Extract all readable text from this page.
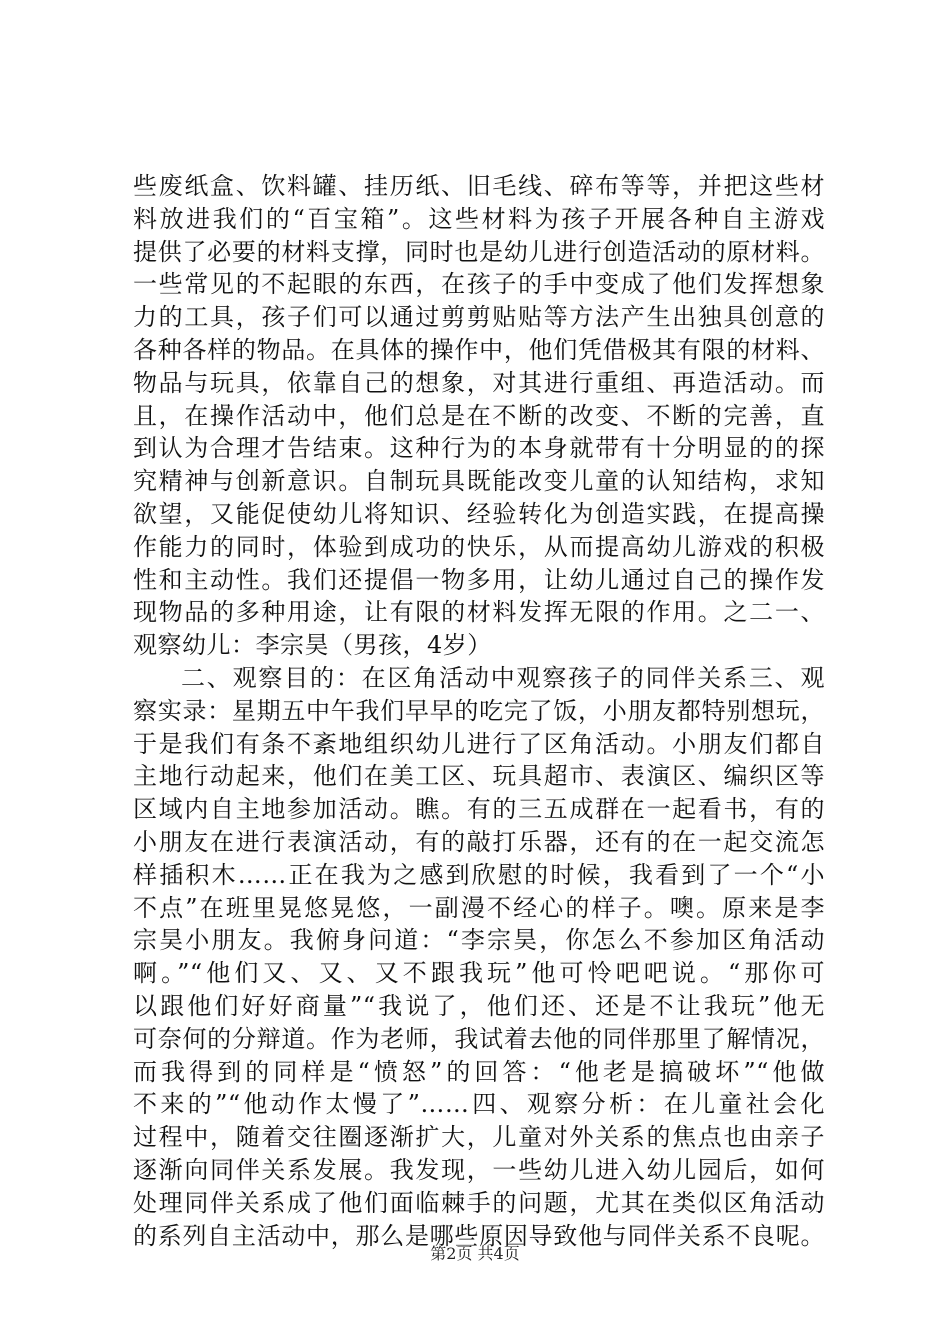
些废纸盒、饮料罐、挂历纸、旧毛线、碎布等等，并把这些材
料放进我们的“百宝箱”。这些材料为孩子开展各种自主游戏
提供了必要的材料支撑，同时也是幼儿进行创造活动的原材料。
一些常见的不起眼的东西，在孩子的手中变成了他们发挥想象
力的工具，孩子们可以通过剪剪贴贴等方法产生出独具创意的
各种各样的物品。在具体的操作中，他们凭借极其有限的材料、
物品与玩具，依靠自己的想象，对其进行重组、再造活动。而
且，在操作活动中，他们总是在不断的改变、不断的完善，直
到认为合理才告结束。这种行为的本身就带有十分明显的的探
究精神与创新意识。自制玩具既能改变儿童的认知结构，求知
欲望，又能促使幼儿将知识、经验转化为创造实践，在提高操
作能力的同时，体验到成功的快乐，从而提高幼儿游戏的积极
性和主动性。我们还提倡一物多用，让幼儿通过自己的操作发
现物品的多种用途，让有限的材料发挥无限的作用。之二一、
观察幼儿：李宗昊（男孩，4岁）
二、观察目的：在区角活动中观察孩子的同伴关系三、观
察实录：星期五中午我们早早的吃完了饭，小朋友都特别想玩，
于是我们有条不紊地组织幼儿进行了区角活动。小朋友们都自
主地行动起来，他们在美工区、玩具超市、表演区、编织区等
区域内自主地参加活动。瞧。有的三五成群在一起看书，有的
小朋友在进行表演活动，有的敲打乐器，还有的在一起交流怎
样插积木……正在我为之感到欣慰的时候，我看到了一个“小
不点”在班里晃悠晃悠，一副漫不经心的样子。噢。原来是李
宗昊小朋友。我俯身问道：“李宗昊，你怎么不参加区角活动
啊。”“他们又、又、又不跟我玩”他可怜吧吧说。“那你可
以跟他们好好商量”“我说了，他们还、还是不让我玩”他无
可奈何的分辩道。作为老师，我试着去他的同伴那里了解情况，
而我得到的同样是“愤怒”的回答：“他老是搞破坏”“他做
不来的”“他动作太慢了”……四、观察分析：在儿童社会化
过程中，随着交往圈逐渐扩大，儿童对外关系的焦点也由亲子
逐渐向同伴关系发展。我发现，一些幼儿进入幼儿园后，如何
处理同伴关系成了他们面临棘手的问题，尤其在类似区角活动
的系列自主活动中，那么是哪些原因导致他与同伴关系不良呢。
第2页 共4页
